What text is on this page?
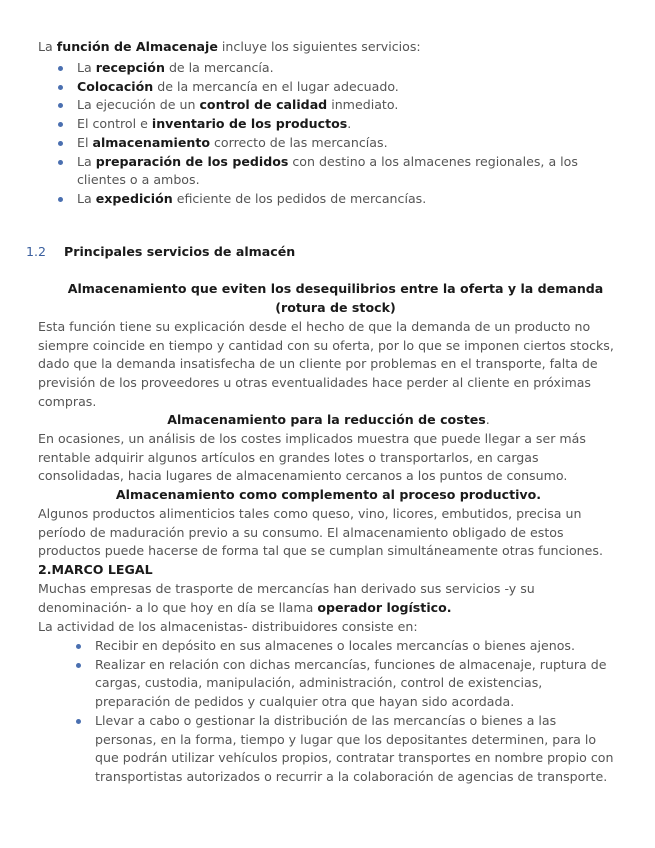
La función de Almacenaje incluye los siguientes servicios:
La recepción de la mercancía.
Colocación de la mercancía en el lugar adecuado.
La ejecución de un control de calidad inmediato.
El control e inventario de los productos.
El almacenamiento correcto de las mercancías.
La preparación de los pedidos con destino a los almacenes regionales, a los clientes o a ambos.
La expedición eficiente de los pedidos de mercancías.
1.2 Principales servicios de almacén
Almacenamiento que eviten los desequilibrios entre la oferta y la demanda (rotura de stock)
Esta función tiene su explicación desde el hecho de que la demanda de un producto no siempre coincide en tiempo y cantidad con su oferta, por lo que se imponen ciertos stocks, dado que la demanda insatisfecha de un cliente por problemas en el transporte, falta de previsión de los proveedores u otras eventualidades hace perder al cliente en próximas compras.
Almacenamiento para la reducción de costes.
En ocasiones, un análisis de los costes implicados muestra que puede llegar a ser más rentable adquirir algunos artículos en grandes lotes o transportarlos, en cargas consolidadas, hacia lugares de almacenamiento cercanos a los puntos de consumo.
Almacenamiento como complemento al proceso productivo.
Algunos productos alimenticios tales como queso, vino, licores, embutidos, precisa un período de maduración previo a su consumo. El almacenamiento obligado de estos productos puede hacerse de forma tal que se cumplan simultáneamente otras funciones.
2.MARCO LEGAL
Muchas empresas de trasporte de mercancías han derivado sus servicios -y su denominación- a lo que hoy en día se llama operador logístico.
La actividad de los almacenistas- distribuidores consiste en:
Recibir en depósito en sus almacenes o locales mercancías o bienes ajenos.
Realizar en relación con dichas mercancías, funciones de almacenaje, ruptura de cargas, custodia, manipulación, administración, control de existencias, preparación de pedidos y cualquier otra que hayan sido acordada.
Llevar a cabo o gestionar la distribución de las mercancías o bienes a las personas, en la forma, tiempo y lugar que los depositantes determinen, para lo que podrán utilizar vehículos propios, contratar transportes en nombre propio con transportistas autorizados o recurrir a la colaboración de agencias de transporte.
